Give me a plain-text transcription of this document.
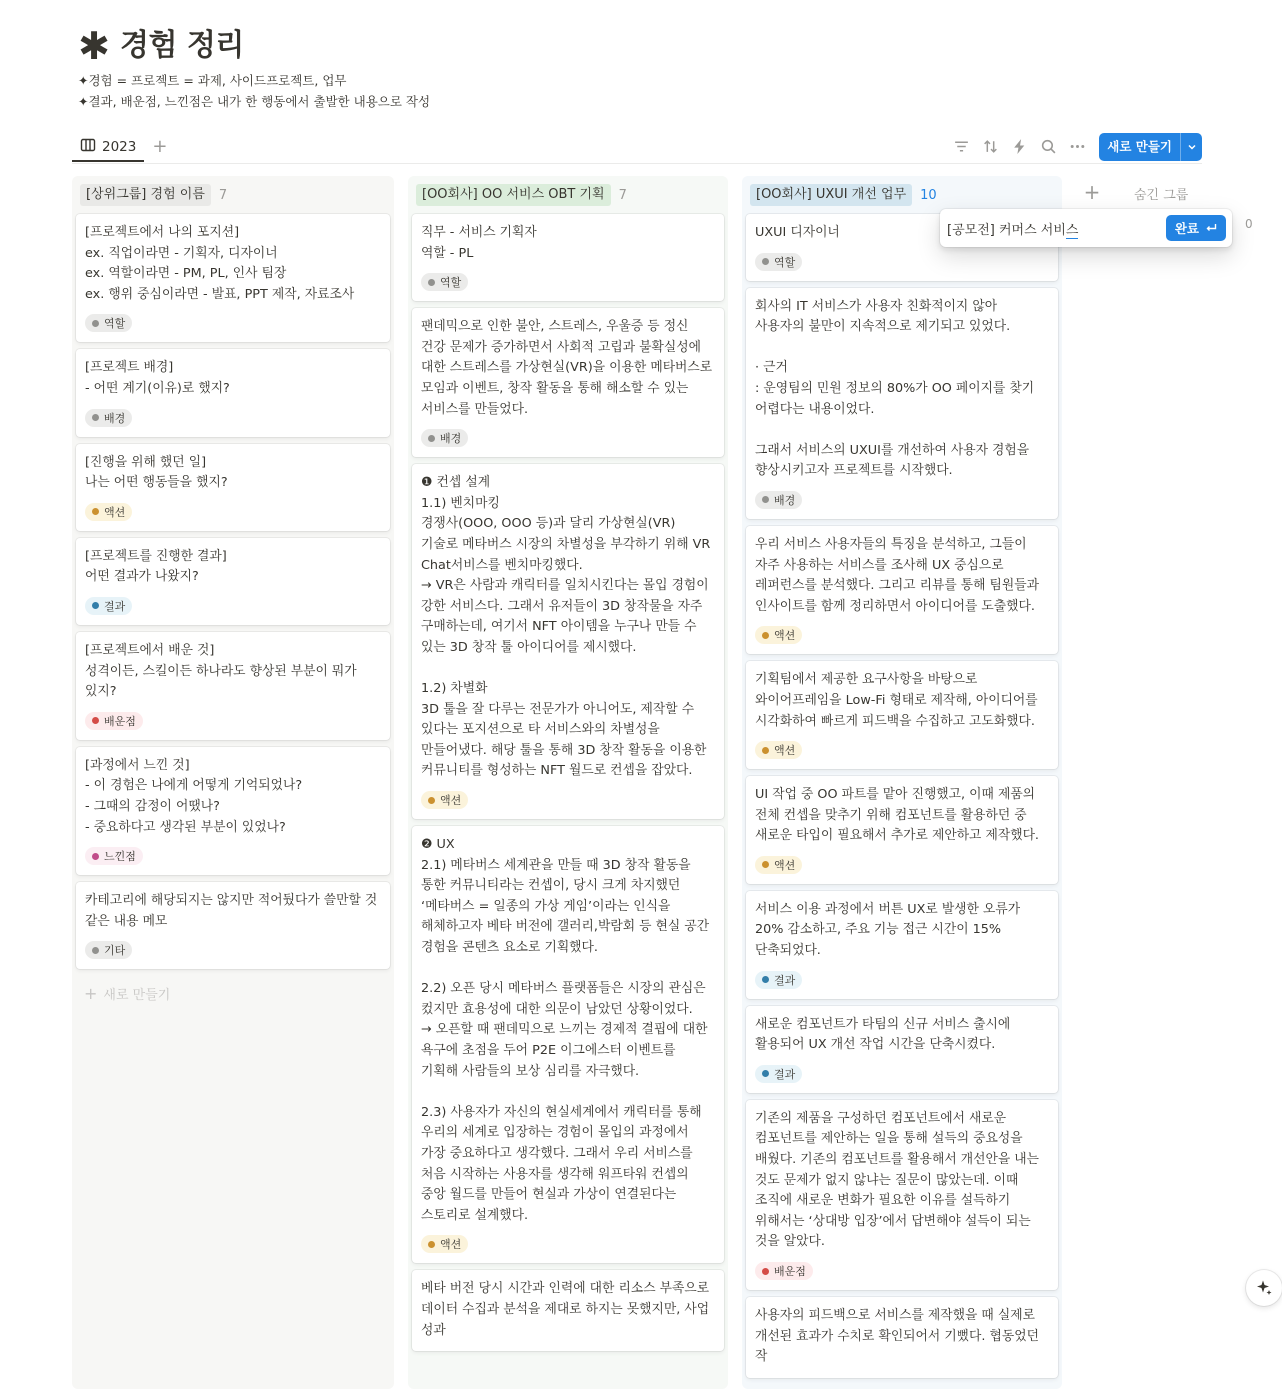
✱ 경험 정리
✦경험 = 프로젝트 = 과제, 사이드프로젝트, 업무
✦결과, 배운점, 느낀점은 내가 한 행동에서 출발한 내용으로 작성
2023 +	새로 만들기
[상위그룹] 경험 이름	7
[프로젝트에서 나의 포지션]
ex. 직업이라면 - 기획자, 디자이너
ex. 역할이라면 - PM, PL, 인사 팀장
ex. 행위 중심이라면 - 발표, PPT 제작, 자료조사
역할
[프로젝트 배경]
- 어떤 계기(이유)로 했지?
배경
[진행을 위해 했던 일]
나는 어떤 행동들을 했지?
액션
[프로젝트를 진행한 결과]
어떤 결과가 나왔지?
결과
[프로젝트에서 배운 것]
성격이든, 스킬이든 하나라도 향상된 부분이 뭐가 있지?
배운점
[과정에서 느낀 것]
- 이 경험은 나에게 어떻게 기억되었나?
- 그때의 감정이 어땠나?
- 중요하다고 생각된 부분이 있었나?
느낀점
카테고리에 해당되지는 않지만 적어뒀다가 쓸만할 것 같은 내용 메모
기타
+ 새로 만들기
[OO회사] OO 서비스 OBT 기획	7
직무 - 서비스 기획자
역할 - PL
역할
팬데믹으로 인한 불안, 스트레스, 우울증 등 정신 건강 문제가 증가하면서 사회적 고립과 불확실성에 대한 스트레스를 가상현실(VR)을 이용한 메타버스로 모임과 이벤트, 창작 활동을 통해 해소할 수 있는 서비스를 만들었다.
배경
❶ 컨셉 설계
1.1) 벤치마킹
경쟁사(OOO, OOO 등)과 달리 가상현실(VR) 기술로 메타버스 시장의 차별성을 부각하기 위해 VR Chat서비스를 벤치마킹했다.
→ VR은 사람과 캐릭터를 일치시킨다는 몰입 경험이 강한 서비스다. 그래서 유저들이 3D 창작물을 자주 구매하는데, 여기서 NFT 아이템을 누구나 만들 수 있는 3D 창작 툴 아이디어를 제시했다.

1.2) 차별화
3D 툴을 잘 다루는 전문가가 아니어도, 제작할 수 있다는 포지션으로 타 서비스와의 차별성을 만들어냈다. 해당 툴을 통해 3D 창작 활동을 이용한 커뮤니티를 형성하는 NFT 월드로 컨셉을 잡았다.
액션
❷ UX
2.1) 메타버스 세계관을 만들 때 3D 창작 활동을 통한 커뮤니티라는 컨셉이, 당시 크게 차지했던 ‘메타버스 = 일종의 가상 게임’이라는 인식을 해체하고자 베타 버전에 갤러리,박람회 등 현실 공간 경험을 콘텐츠 요소로 기획했다.

2.2) 오픈 당시 메타버스 플랫폼들은 시장의 관심은 컸지만 효용성에 대한 의문이 남았던 상황이었다.
→ 오픈할 때 팬데믹으로 느끼는 경제적 결핍에 대한 욕구에 초점을 두어 P2E 이그에스터 이벤트를 기획해 사람들의 보상 심리를 자극했다.

2.3) 사용자가 자신의 현실세계에서 캐릭터를 통해 우리의 세계로 입장하는 경험이 몰입의 과정에서 가장 중요하다고 생각했다. 그래서 우리 서비스를 처음 시작하는 사용자를 생각해 워프타워 컨셉의 중앙 월드를 만들어 현실과 가상이 연결된다는 스토리로 설계했다.
액션
베타 버전 당시 시간과 인력에 대한 리소스 부족으로 데이터 수집과 분석을 제대로 하지는 못했지만, 사업 성과
[OO회사] UXUI 개선 업무	10
UXUI 디자이너
역할
회사의 IT 서비스가 사용자 친화적이지 않아 사용자의 불만이 지속적으로 제기되고 있었다.

· 근거
: 운영팀의 민원 정보의 80%가 OO 페이지를 찾기 어렵다는 내용이었다.

그래서 서비스의 UXUI를 개선하여 사용자 경험을 향상시키고자 프로젝트를 시작했다.
배경
우리 서비스 사용자들의 특징을 분석하고, 그들이 자주 사용하는 서비스를 조사해 UX 중심으로 레퍼런스를 분석했다. 그리고 리뷰를 통해 팀원들과 인사이트를 함께 정리하면서 아이디어를 도출했다.
액션
기획팀에서 제공한 요구사항을 바탕으로 와이어프레임을 Low-Fi 형태로 제작해, 아이디어를 시각화하여 빠르게 피드백을 수집하고 고도화했다.
액션
UI 작업 중 OO 파트를 맡아 진행했고, 이때 제품의 전체 컨셉을 맞추기 위해 컴포넌트를 활용하던 중 새로운 타입이 필요해서 추가로 제안하고 제작했다.
액션
서비스 이용 과정에서 버튼 UX로 발생한 오류가 20% 감소하고, 주요 기능 접근 시간이 15% 단축되었다.
결과
새로운 컴포넌트가 타팀의 신규 서비스 출시에 활용되어 UX 개선 작업 시간을 단축시켰다.
결과
기존의 제품을 구성하던 컴포넌트에서 새로운 컴포넌트를 제안하는 일을 통해 설득의 중요성을 배웠다. 기존의 컴포넌트를 활용해서 개선안을 내는 것도 문제가 없지 않냐는 질문이 많았는데. 이때 조직에 새로운 변화가 필요한 이유를 설득하기 위해서는 ‘상대방 입장’에서 답변해야 설득이 되는 것을 알았다.
배운점
사용자의 피드백으로 서비스를 제작했을 때 실제로 개선된 효과가 수치로 확인되어서 기뻤다. 협동었던 작
+	숨긴 그룹
[공모전] 커머스 서비스	완료	0
